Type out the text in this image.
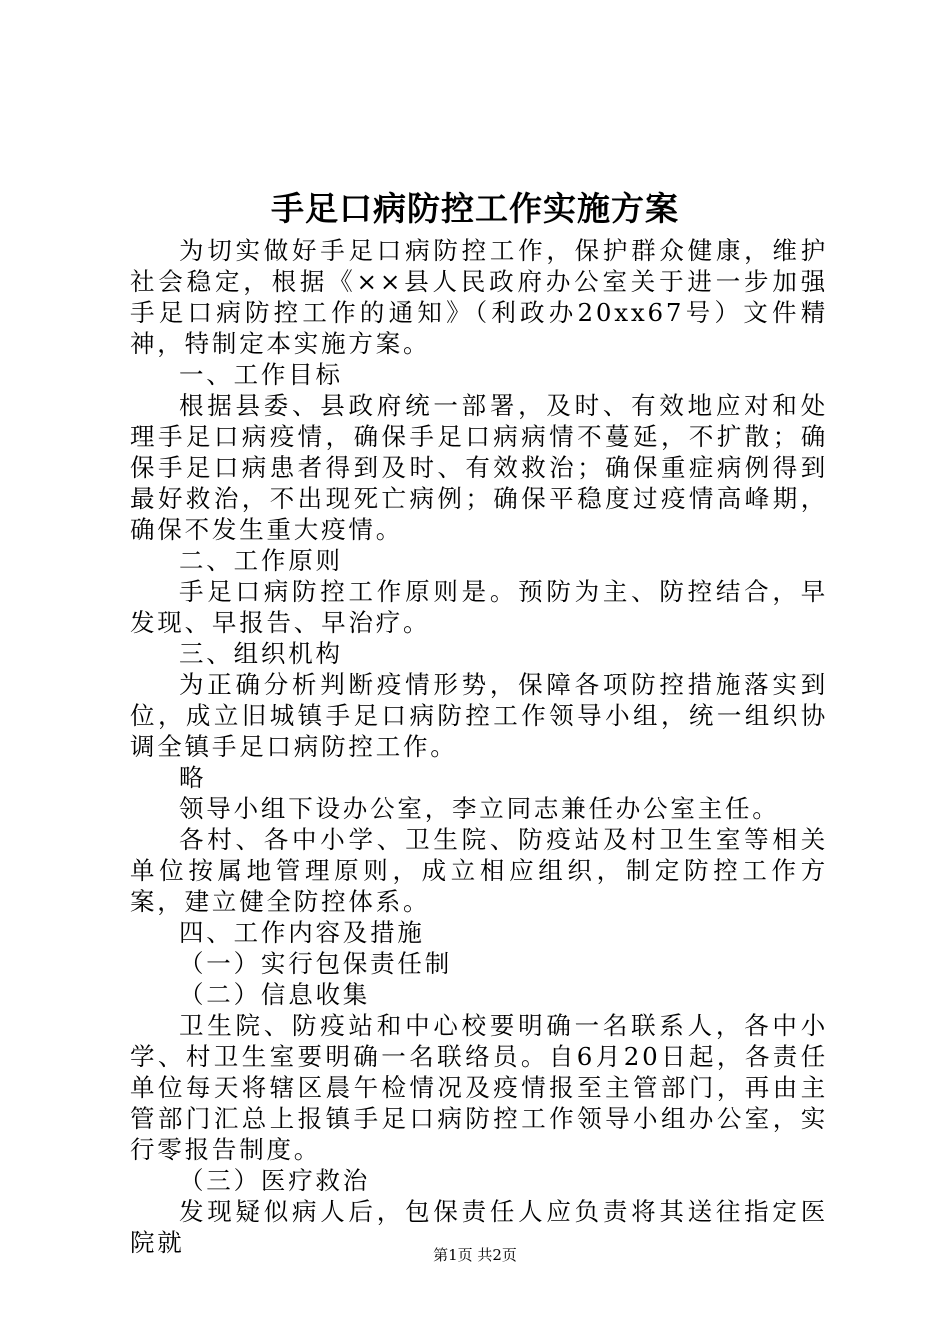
手足口病防控工作实施方案

为切实做好手足口病防控工作，保护群众健康，维护社会稳定，根据《××县人民政府办公室关于进一步加强手足口病防控工作的通知》（利政办20xx67号）文件精神，特制定本实施方案。

一、工作目标

根据县委、县政府统一部署，及时、有效地应对和处理手足口病疫情，确保手足口病病情不蔓延，不扩散；确保手足口病患者得到及时、有效救治；确保重症病例得到最好救治，不出现死亡病例；确保平稳度过疫情高峰期，确保不发生重大疫情。

二、工作原则

手足口病防控工作原则是。预防为主、防控结合，早发现、早报告、早治疗。

三、组织机构

为正确分析判断疫情形势，保障各项防控措施落实到位，成立旧城镇手足口病防控工作领导小组，统一组织协调全镇手足口病防控工作。

略

领导小组下设办公室，李立同志兼任办公室主任。

各村、各中小学、卫生院、防疫站及村卫生室等相关单位按属地管理原则，成立相应组织，制定防控工作方案，建立健全防控体系。

四、工作内容及措施

（一）实行包保责任制

（二）信息收集

卫生院、防疫站和中心校要明确一名联系人，各中小学、村卫生室要明确一名联络员。自6月20日起，各责任单位每天将辖区晨午检情况及疫情报至主管部门，再由主管部门汇总上报镇手足口病防控工作领导小组办公室，实行零报告制度。

（三）医疗救治

发现疑似病人后，包保责任人应负责将其送往指定医院就	第1页 共2页
